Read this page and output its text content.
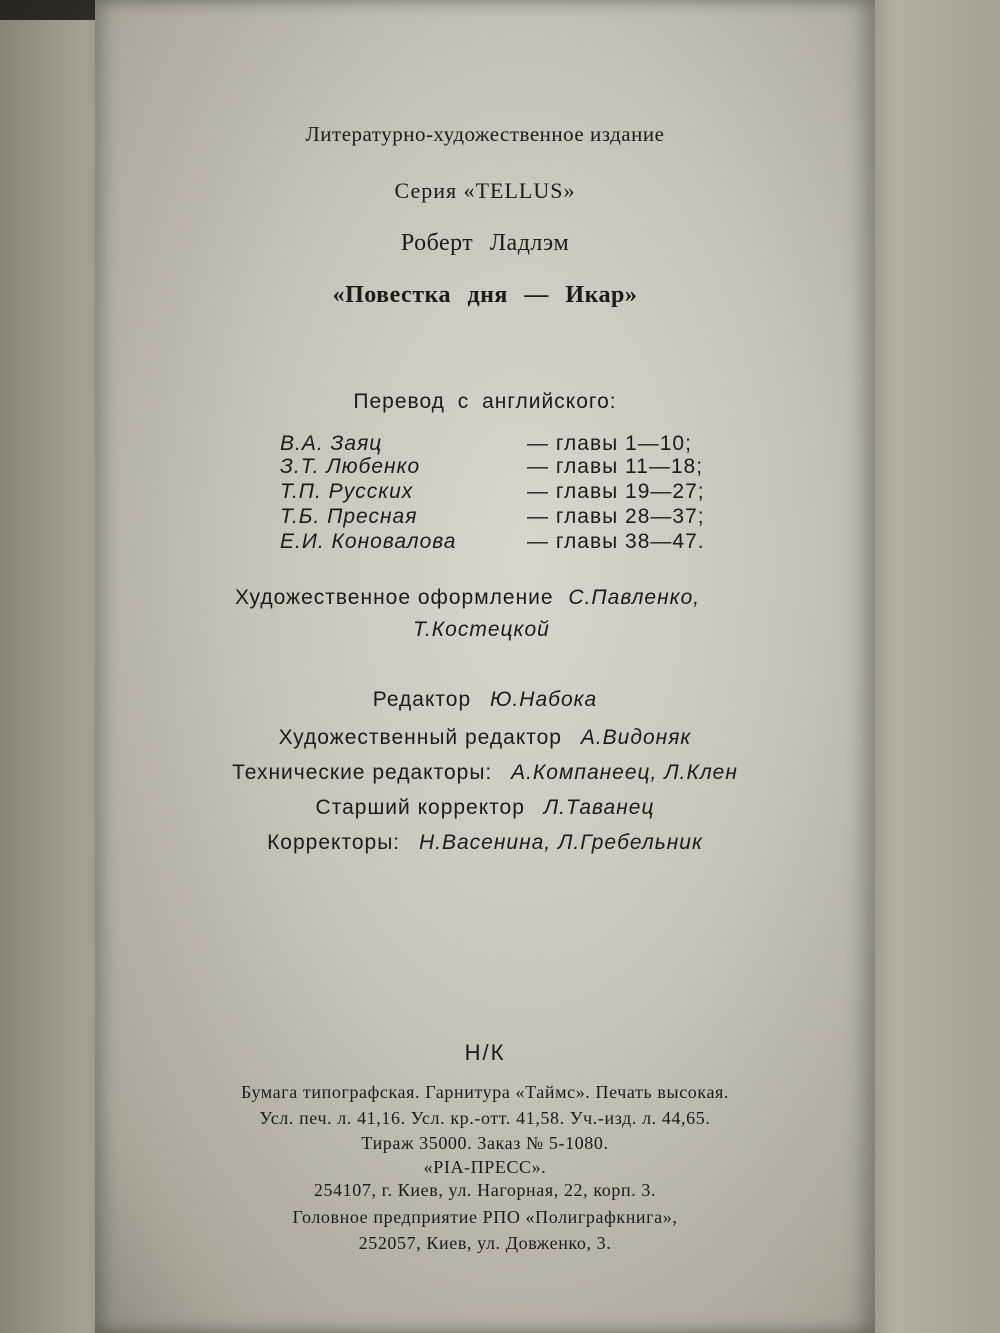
Литературно-художественное издание
Серия «TELLUS»
Роберт Ладлэм
«Повестка дня — Икар»
Перевод с английского:
В.А. Заяц	— главы 1—10;
З.Т. Любенко	— главы 11—18;
Т.П. Русских	— главы 19—27;
Т.Б. Пресная	— главы 28—37;
Е.И. Коновалова	— главы 38—47.
Художественное оформление С.Павленко,
Т.Костецкой
Редактор Ю.Набока
Художественный редактор А.Видоняк
Технические редакторы: А.Компанеец, Л.Клен
Старший корректор Л.Таванец
Корректоры: Н.Васенина, Л.Гребельник
Н/К
Бумага типографская. Гарнитура «Таймс». Печать высокая.
Усл. печ. л. 41,16. Усл. кр.-отт. 41,58. Уч.-изд. л. 44,65.
Тираж 35000. Заказ № 5-1080.
«PIA-ПРЕСС».
254107, г. Киев, ул. Нагорная, 22, корп. 3.
Головное предприятие РПО «Полиграфкнига»,
252057, Киев, ул. Довженко, 3.
